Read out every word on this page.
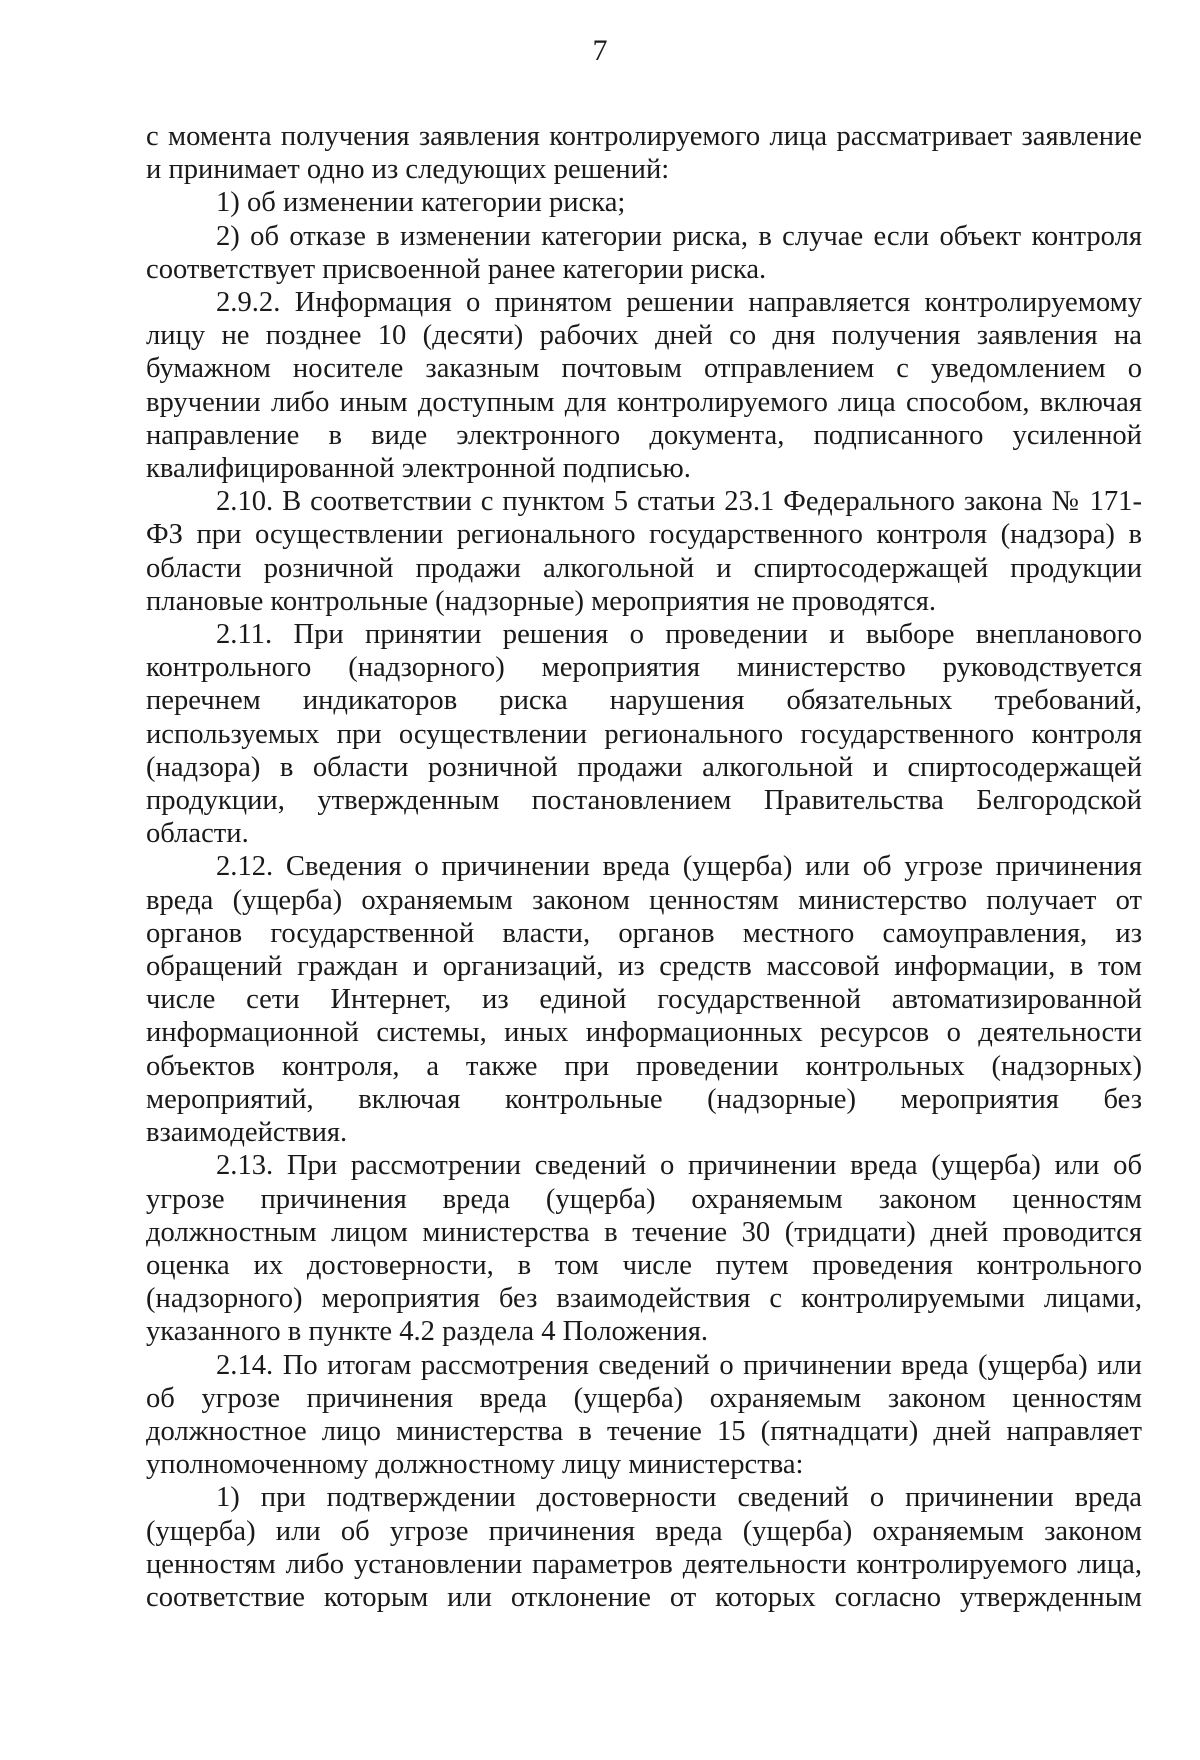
7

с момента получения заявления контролируемого лица рассматривает заявление и принимает одно из следующих решений:

1) об изменении категории риска;

2) об отказе в изменении категории риска, в случае если объект контроля соответствует присвоенной ранее категории риска.

2.9.2. Информация о принятом решении направляется контролируемому лицу не позднее 10 (десяти) рабочих дней со дня получения заявления на бумажном носителе заказным почтовым отправлением с уведомлением о вручении либо иным доступным для контролируемого лица способом, включая направление в виде электронного документа, подписанного усиленной квалифицированной электронной подписью.

2.10. В соответствии с пунктом 5 статьи 23.1 Федерального закона № 171-ФЗ при осуществлении регионального государственного контроля (надзора) в области розничной продажи алкогольной и спиртосодержащей продукции плановые контрольные (надзорные) мероприятия не проводятся.

2.11. При принятии решения о проведении и выборе внепланового контрольного (надзорного) мероприятия министерство руководствуется перечнем индикаторов риска нарушения обязательных требований, используемых при осуществлении регионального государственного контроля (надзора) в области розничной продажи алкогольной и спиртосодержащей продукции, утвержденным постановлением Правительства Белгородской области.

2.12. Сведения о причинении вреда (ущерба) или об угрозе причинения вреда (ущерба) охраняемым законом ценностям министерство получает от органов государственной власти, органов местного самоуправления, из обращений граждан и организаций, из средств массовой информации, в том числе сети Интернет, из единой государственной автоматизированной информационной системы, иных информационных ресурсов о деятельности объектов контроля, а также при проведении контрольных (надзорных) мероприятий, включая контрольные (надзорные) мероприятия без взаимодействия.

2.13. При рассмотрении сведений о причинении вреда (ущерба) или об угрозе причинения вреда (ущерба) охраняемым законом ценностям должностным лицом министерства в течение 30 (тридцати) дней проводится оценка их достоверности, в том числе путем проведения контрольного (надзорного) мероприятия без взаимодействия с контролируемыми лицами, указанного в пункте 4.2 раздела 4 Положения.

2.14. По итогам рассмотрения сведений о причинении вреда (ущерба) или об угрозе причинения вреда (ущерба) охраняемым законом ценностям должностное лицо министерства в течение 15 (пятнадцати) дней направляет уполномоченному должностному лицу министерства:

1) при подтверждении достоверности сведений о причинении вреда (ущерба) или об угрозе причинения вреда (ущерба) охраняемым законом ценностям либо установлении параметров деятельности контролируемого лица, соответствие которым или отклонение от которых согласно утвержденным
